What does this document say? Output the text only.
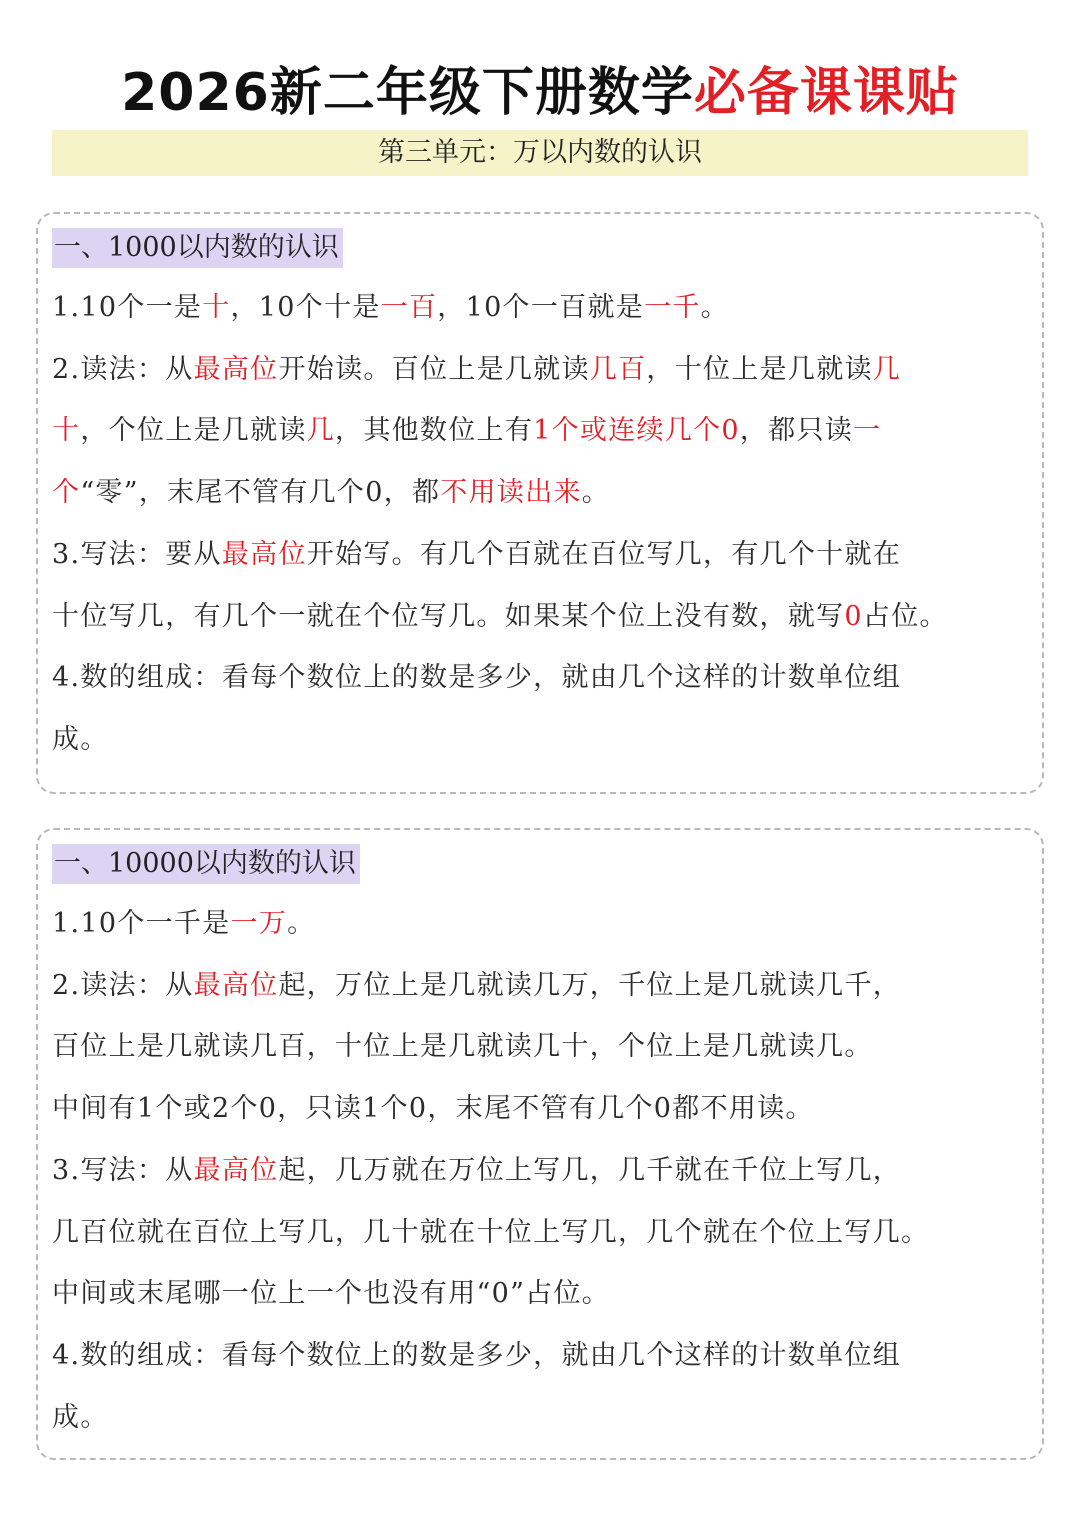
2026新二年级下册数学必备课课贴
第三单元：万以内数的认识
一、1000以内数的认识
1.10个一是十，10个十是一百，10个一百就是一千。
2.读法：从最高位开始读。百位上是几就读几百，十位上是几就读几
十，个位上是几就读几，其他数位上有1个或连续几个0，都只读一
个“零”，末尾不管有几个0，都不用读出来。
3.写法：要从最高位开始写。有几个百就在百位写几，有几个十就在
十位写几，有几个一就在个位写几。如果某个位上没有数，就写0占位。
4.数的组成：看每个数位上的数是多少，就由几个这样的计数单位组
成。
一、10000以内数的认识
1.10个一千是一万。
2.读法：从最高位起，万位上是几就读几万，千位上是几就读几千，
百位上是几就读几百，十位上是几就读几十，个位上是几就读几。
中间有1个或2个0，只读1个0，末尾不管有几个0都不用读。
3.写法：从最高位起，几万就在万位上写几，几千就在千位上写几，
几百位就在百位上写几，几十就在十位上写几，几个就在个位上写几。
中间或末尾哪一位上一个也没有用“0”占位。
4.数的组成：看每个数位上的数是多少，就由几个这样的计数单位组
成。
